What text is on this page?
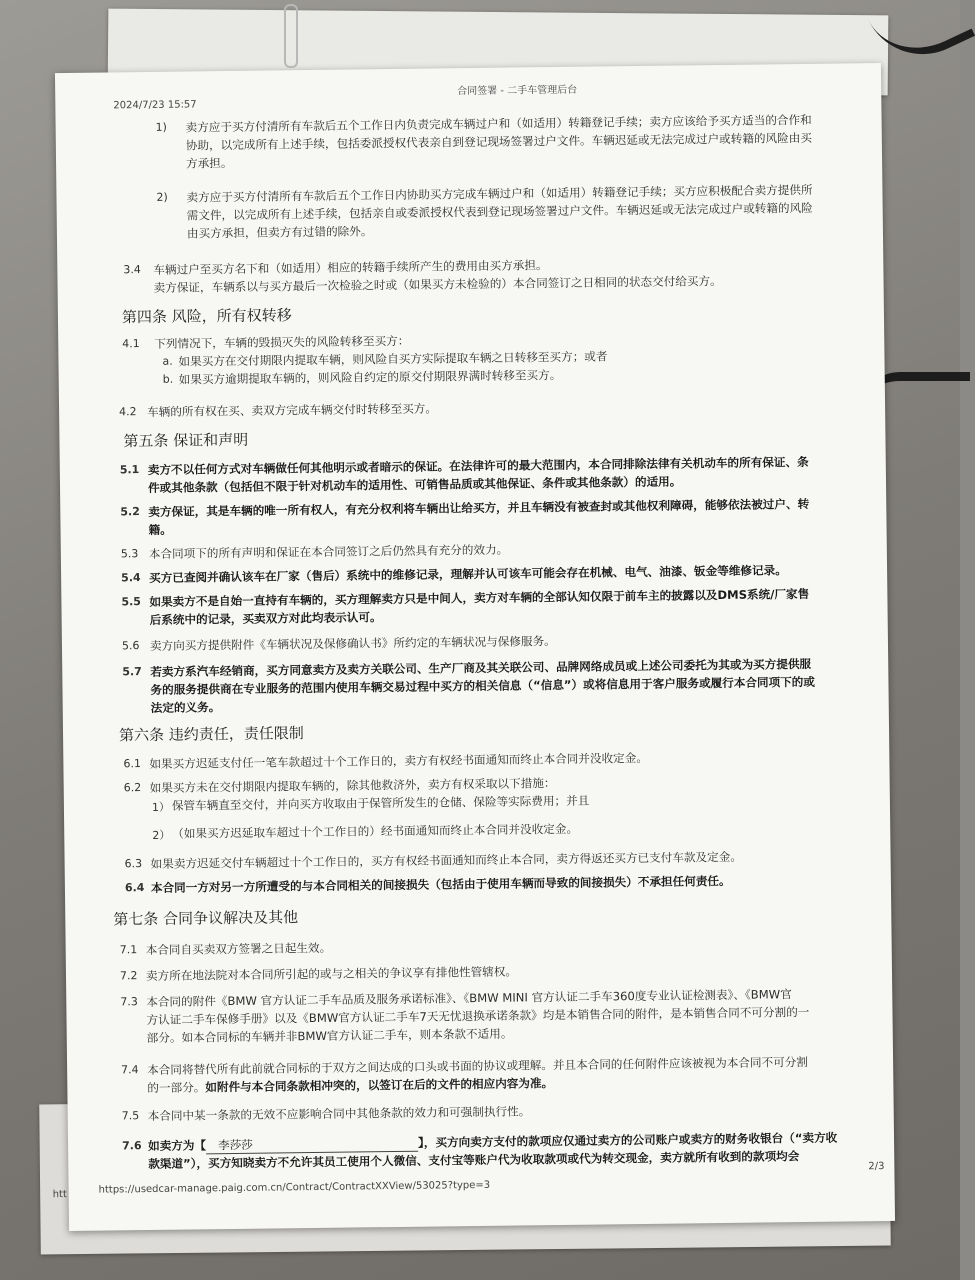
2024/7/23 15:57
合同签署 - 二手车管理后台
1) 卖方应于买方付清所有车款后五个工作日内负责完成车辆过户和（如适用）转籍登记手续；卖方应该给予买方适当的合作和
协助，以完成所有上述手续，包括委派授权代表亲自到登记现场签署过户文件。车辆迟延或无法完成过户或转籍的风险由买
方承担。
2) 卖方应于买方付清所有车款后五个工作日内协助买方完成车辆过户和（如适用）转籍登记手续；买方应积极配合卖方提供所
需文件，以完成所有上述手续，包括亲自或委派授权代表到登记现场签署过户文件。车辆迟延或无法完成过户或转籍的风险
由买方承担，但卖方有过错的除外。
3.4 车辆过户至买方名下和（如适用）相应的转籍手续所产生的费用由买方承担。
卖方保证，车辆系以与买方最后一次检验之时或（如果买方未检验的）本合同签订之日相同的状态交付给买方。
第四条 风险，所有权转移
4.1 下列情况下，车辆的毁损灭失的风险转移至买方：
a. 如果买方在交付期限内提取车辆，则风险自买方实际提取车辆之日转移至买方；或者
b. 如果买方逾期提取车辆的，则风险自约定的原交付期限界满时转移至买方。
4.2 车辆的所有权在买、卖双方完成车辆交付时转移至买方。
第五条 保证和声明
5.1 卖方不以任何方式对车辆做任何其他明示或者暗示的保证。在法律许可的最大范围内，本合同排除法律有关机动车的所有保证、条
件或其他条款（包括但不限于针对机动车的适用性、可销售品质或其他保证、条件或其他条款）的适用。
5.2 卖方保证，其是车辆的唯一所有权人，有充分权利将车辆出让给买方，并且车辆没有被查封或其他权利障碍，能够依法被过户、转
籍。
5.3 本合同项下的所有声明和保证在本合同签订之后仍然具有充分的效力。
5.4 买方已查阅并确认该车在厂家（售后）系统中的维修记录，理解并认可该车可能会存在机械、电气、油漆、钣金等维修记录。
5.5 如果卖方不是自始一直持有车辆的，买方理解卖方只是中间人，卖方对车辆的全部认知仅限于前车主的披露以及DMS系统/厂家售
后系统中的记录，买卖双方对此均表示认可。
5.6 卖方向买方提供附件《车辆状况及保修确认书》所约定的车辆状况与保修服务。
5.7 若卖方系汽车经销商，买方同意卖方及卖方关联公司、生产厂商及其关联公司、品牌网络成员或上述公司委托为其或为买方提供服
务的服务提供商在专业服务的范围内使用车辆交易过程中买方的相关信息（“信息”）或将信息用于客户服务或履行本合同项下的或
法定的义务。
第六条 违约责任，责任限制
6.1 如果买方迟延支付任一笔车款超过十个工作日的，卖方有权经书面通知而终止本合同并没收定金。
6.2 如果买方未在交付期限内提取车辆的，除其他救济外，卖方有权采取以下措施：
1） 保管车辆直至交付，并向买方收取由于保管所发生的仓储、保险等实际费用；并且
2） （如果买方迟延取车超过十个工作日的）经书面通知而终止本合同并没收定金。
6.3 如果卖方迟延交付车辆超过十个工作日的，买方有权经书面通知而终止本合同，卖方得返还买方已支付车款及定金。
6.4 本合同一方对另一方所遭受的与本合同相关的间接损失（包括由于使用车辆而导致的间接损失）不承担任何责任。
第七条 合同争议解决及其他
7.1 本合同自买卖双方签署之日起生效。
7.2 卖方所在地法院对本合同所引起的或与之相关的争议享有排他性管辖权。
7.3 本合同的附件《BMW 官方认证二手车品质及服务承诺标准》、《BMW MINI 官方认证二手车360度专业认证检测表》、《BMW官
方认证二手车保修手册》以及《BMW官方认证二手车7天无忧退换承诺条款》均是本销售合同的附件，是本销售合同不可分割的一
部分。如本合同标的车辆并非BMW官方认证二手车，则本条款不适用。
7.4 本合同将替代所有此前就合同标的于双方之间达成的口头或书面的协议或理解。并且本合同的任何附件应该被视为本合同不可分割
的一部分。如附件与本合同条款相冲突的，以签订在后的文件的相应内容为准。
7.5 本合同中某一条款的无效不应影响合同中其他条款的效力和可强制执行性。
7.6 如卖方为【 李莎莎	】，买方向卖方支付的款项应仅通过卖方的公司账户或卖方的财务收银台（“卖方收
款渠道”），买方知晓卖方不允许其员工使用个人微信、支付宝等账户代为收取款项或代为转交现金，卖方就所有收到的款项均会
htt	https://usedcar-manage.paig.com.cn/Contract/ContractXXView/53025?type=3
2/3
